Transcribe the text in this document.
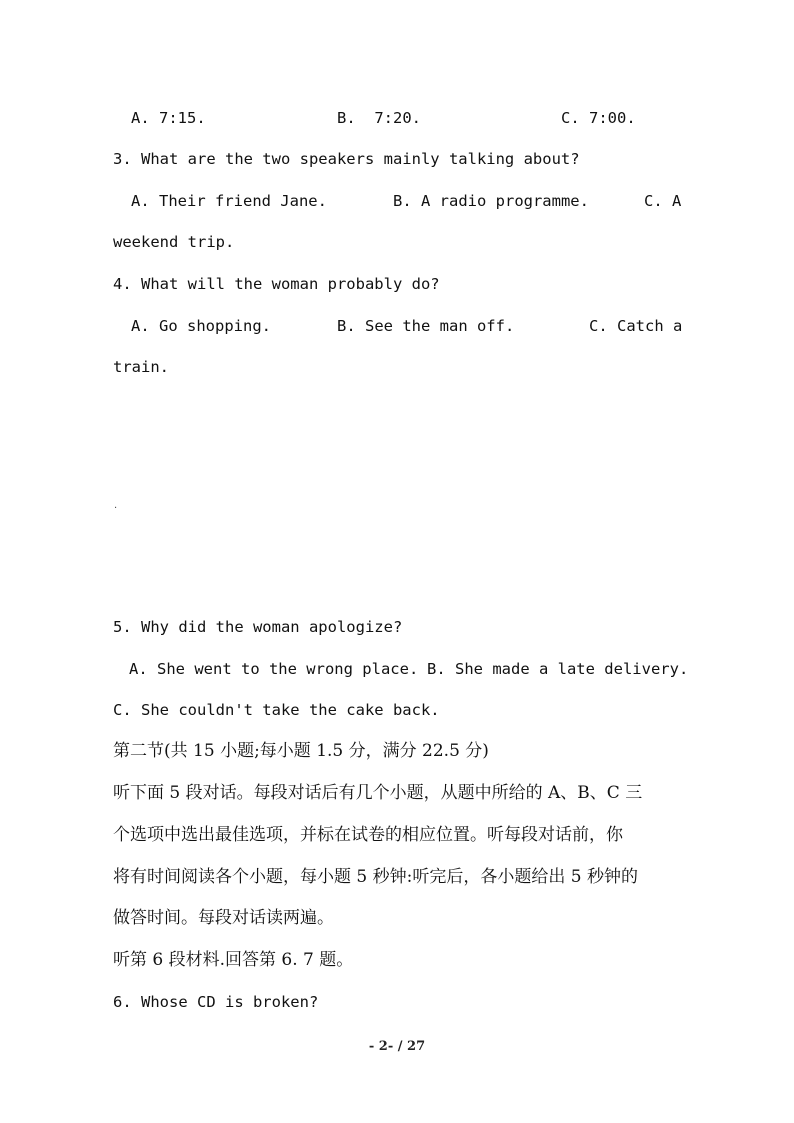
A. 7:15.	B.  7:20.	C. 7:00.
3. What are the two speakers mainly talking about?
A. Their friend Jane.	B. A radio programme.	C. A
weekend trip.
4. What will the woman probably do?
A. Go shopping.	B. See the man off.	C. Catch a
train.
.
5. Why did the woman apologize?
A. She went to the wrong place. B. She made a late delivery.
C. She couldn't take the cake back.
第二节(共 15 小题;每小题 1.5 分，满分 22.5 分)
听下面 5 段对话。每段对话后有几个小题，从题中所给的 A、B、C 三
个选项中选出最佳选项，并标在试卷的相应位置。听每段对话前，你
将有时间阅读各个小题，每小题 5 秒钟:听完后，各小题给出 5 秒钟的
做答时间。每段对话读两遍。
听第 6 段材料.回答第 6. 7 题。
6. Whose CD is broken?
- 2- / 27
